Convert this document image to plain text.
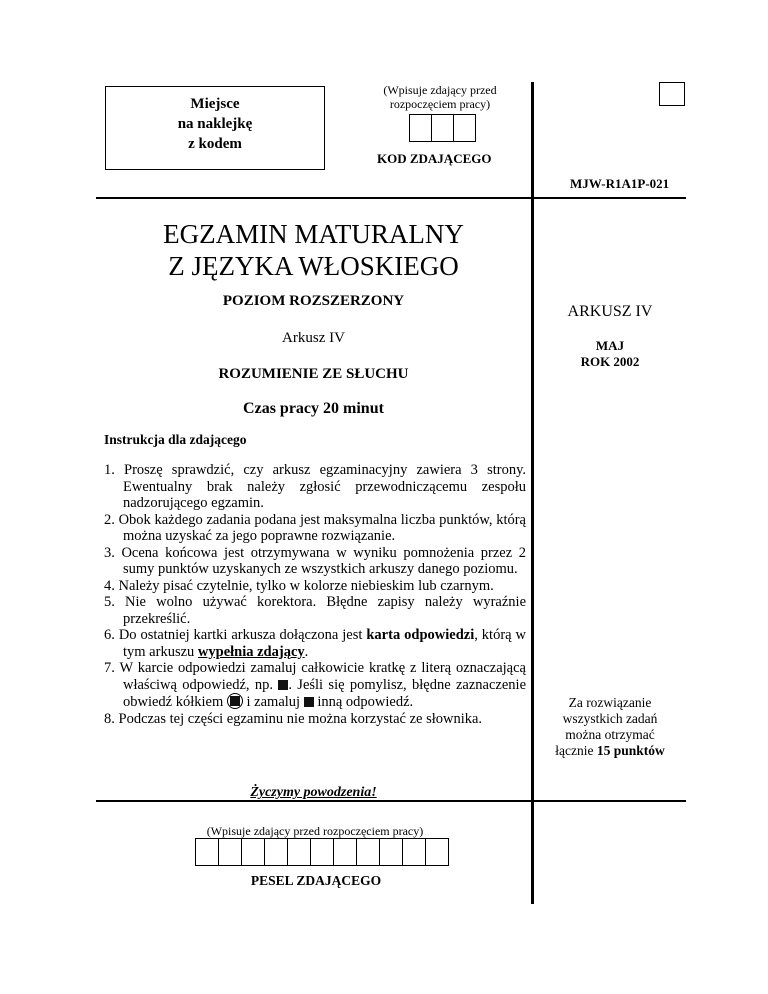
Miejsce
na naklejkę
z kodem
(Wpisuje zdający przed
rozpoczęciem pracy)
KOD ZDAJĄCEGO
MJW-R1A1P-021
EGZAMIN MATURALNY
Z JĘZYKA WŁOSKIEGO
POZIOM ROZSZERZONY
Arkusz IV
ROZUMIENIE ZE SŁUCHU
Czas pracy 20 minut
ARKUSZ IV
MAJ
ROK 2002
Za rozwiązanie
wszystkich zadań
można otrzymać
łącznie 15 punktów
Instrukcja dla zdającego
1. Proszę sprawdzić, czy arkusz egzaminacyjny zawiera 3 strony. Ewentualny brak należy zgłosić przewodniczącemu zespołu nadzorującego egzamin.
2. Obok każdego zadania podana jest maksymalna liczba punktów, którą można uzyskać za jego poprawne rozwiązanie.
3. Ocena końcowa jest otrzymywana w wyniku pomnożenia przez 2 sumy punktów uzyskanych ze wszystkich arkuszy danego poziomu.
4. Należy pisać czytelnie, tylko w kolorze niebieskim lub czarnym.
5. Nie wolno używać korektora. Błędne zapisy należy wyraźnie przekreślić.
6. Do ostatniej kartki arkusza dołączona jest karta odpowiedzi, którą w tym arkuszu wypełnia zdający.
7. W karcie odpowiedzi zamaluj całkowicie kratkę z literą oznaczającą właściwą odpowiedź, np. . Jeśli się pomylisz, błędne zaznaczenie obwiedź kółkiem
i zamaluj  inną odpowiedź.
8. Podczas tej części egzaminu nie można korzystać ze słownika.
Życzymy powodzenia!
(Wpisuje zdający przed rozpoczęciem pracy)
PESEL ZDAJĄCEGO
